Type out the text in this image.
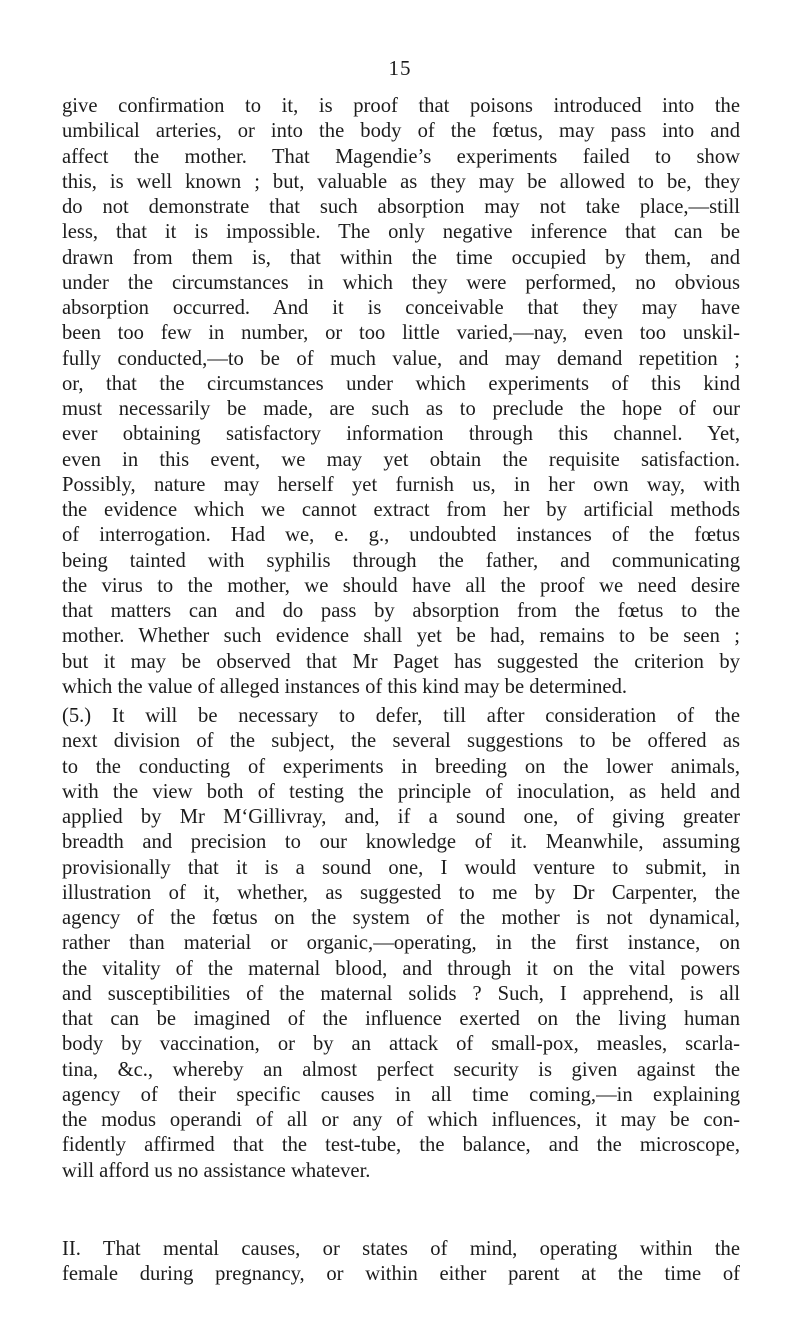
15

give confirmation to it, is proof that poisons introduced into the
umbilical arteries, or into the body of the fœtus, may pass into and
affect the mother. That Magendie’s experiments failed to show
this, is well known ; but, valuable as they may be allowed to be, they
do not demonstrate that such absorption may not take place,—still
less, that it is impossible. The only negative inference that can be
drawn from them is, that within the time occupied by them, and
under the circumstances in which they were performed, no obvious
absorption occurred. And it is conceivable that they may have
been too few in number, or too little varied,—nay, even too unskil-
fully conducted,—to be of much value, and may demand repetition ;
or, that the circumstances under which experiments of this kind
must necessarily be made, are such as to preclude the hope of our
ever obtaining satisfactory information through this channel. Yet,
even in this event, we may yet obtain the requisite satisfaction.
Possibly, nature may herself yet furnish us, in her own way, with
the evidence which we cannot extract from her by artificial methods
of interrogation. Had we, e. g., undoubted instances of the fœtus
being tainted with syphilis through the father, and communicating
the virus to the mother, we should have all the proof we need desire
that matters can and do pass by absorption from the fœtus to the
mother. Whether such evidence shall yet be had, remains to be seen ;
but it may be observed that Mr Paget has suggested the criterion by
which the value of alleged instances of this kind may be determined.

(5.) It will be necessary to defer, till after consideration of the
next division of the subject, the several suggestions to be offered as
to the conducting of experiments in breeding on the lower animals,
with the view both of testing the principle of inoculation, as held and
applied by Mr M‘Gillivray, and, if a sound one, of giving greater
breadth and precision to our knowledge of it. Meanwhile, assuming
provisionally that it is a sound one, I would venture to submit, in
illustration of it, whether, as suggested to me by Dr Carpenter, the
agency of the fœtus on the system of the mother is not dynamical,
rather than material or organic,—operating, in the first instance, on
the vitality of the maternal blood, and through it on the vital powers
and susceptibilities of the maternal solids ? Such, I apprehend, is all
that can be imagined of the influence exerted on the living human
body by vaccination, or by an attack of small-pox, measles, scarla-
tina, &c., whereby an almost perfect security is given against the
agency of their specific causes in all time coming,—in explaining
the modus operandi of all or any of which influences, it may be con-
fidently affirmed that the test-tube, the balance, and the microscope,
will afford us no assistance whatever.

II. That mental causes, or states of mind, operating within the
female during pregnancy, or within either parent at the time of
